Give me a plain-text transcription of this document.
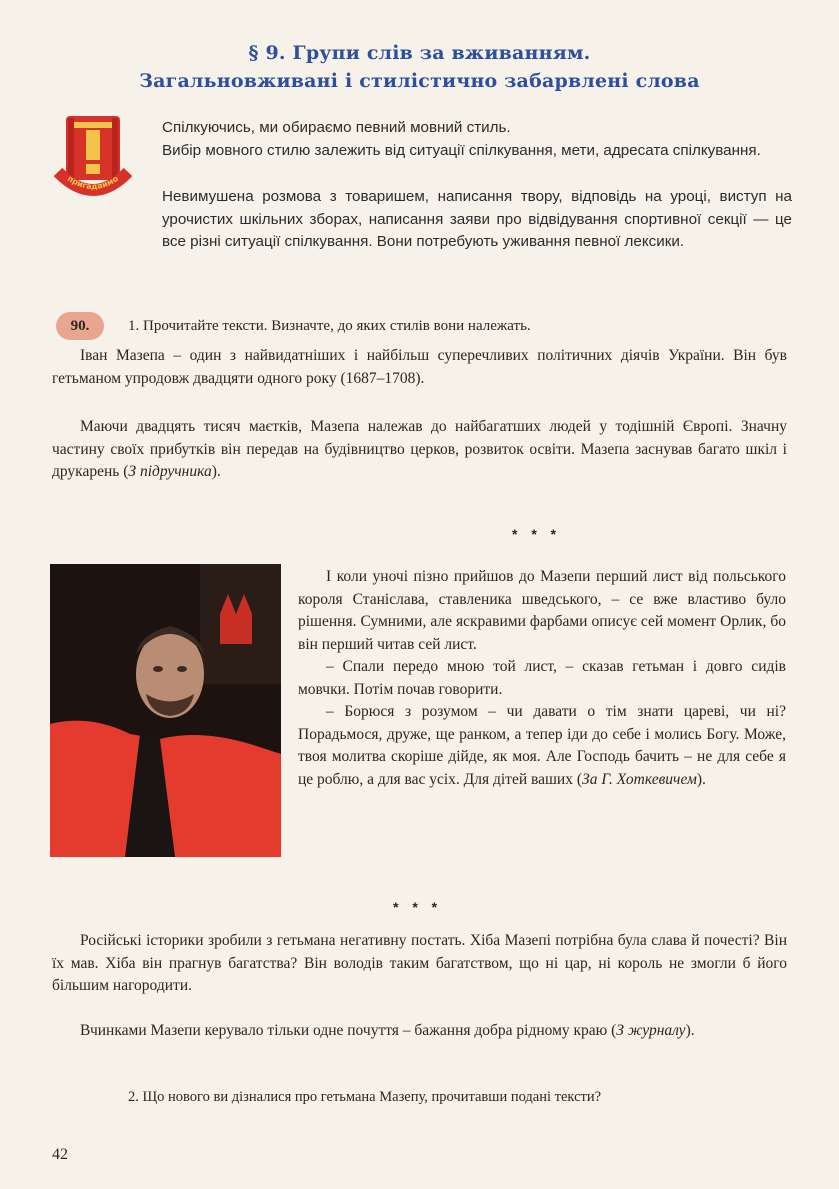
§ 9. Групи слів за вживанням.
Загальновживані і стилістично забарвлені слова
пригадаймо
Спілкуючись, ми обираємо певний мовний стиль.
Вибір мовного стилю залежить від ситуації спілкування, мети, адресата спілкування.
Невимушена розмова з товаришем, написання твору, відповідь на уроці, виступ на урочистих шкільних зборах, написання заяви про відвідування спортивної секції — це все різні ситуації спілкування. Вони потребують уживання певної лексики.
90.	1. Прочитайте тексти. Визначте, до яких стилів вони належать.
Іван Мазепа – один з найвидатніших і найбільш суперечливих політичних діячів України. Він був гетьманом упродовж двадцяти одного року (1687–1708).
Маючи двадцять тисяч маєтків, Мазепа належав до найбагатших людей у тодішній Європі. Значну частину своїх прибутків він передав на будівництво церков, розвиток освіти. Мазепа заснував багато шкіл і друкарень (З підручника).
* * *
І коли уночі пізно прийшов до Мазепи перший лист від польського короля Станіслава, ставленика шведського, – се вже властиво було рішення. Сумними, але яскравими фарбами описує сей момент Орлик, бо він перший читав сей лист.
– Спали передо мною той лист, – сказав гетьман і довго сидів мовчки. Потім почав говорити.
– Борюся з розумом – чи давати о тім знати цареві, чи ні? Порадьмося, друже, ще ранком, а тепер іди до себе і молись Богу. Може, твоя молитва скоріше дійде, як моя. Але Господь бачить – не для себе я це роблю, а для вас усіх. Для дітей ваших (За Г. Хоткевичем).
* * *
Російські історики зробили з гетьмана негативну постать. Хіба Мазепі потрібна була слава й почесті? Він їх мав. Хіба він прагнув багатства? Він володів таким багатством, що ні цар, ні король не змогли б його більшим нагородити.
Вчинками Мазепи керувало тільки одне почуття – бажання добра рідному краю (З журналу).
2. Що нового ви дізналися про гетьмана Мазепу, прочитавши подані тексти?
42
